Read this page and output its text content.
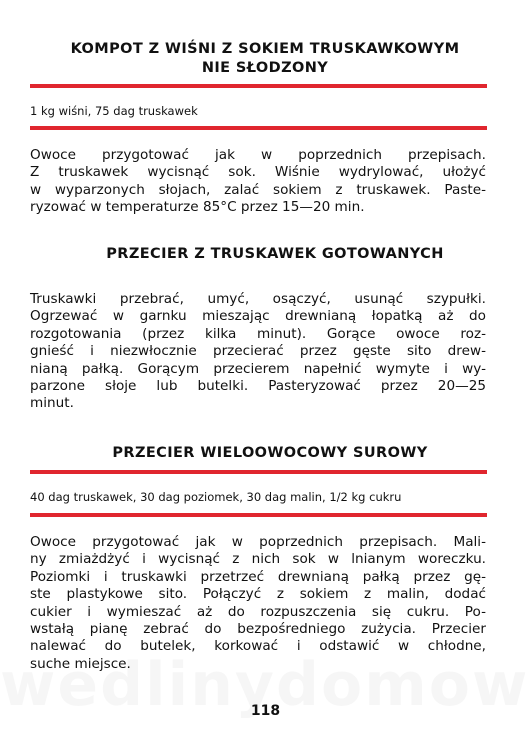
KOMPOT Z WIŚNI Z SOKIEM TRUSKAWKOWYM
NIE SŁODZONY
1 kg wiśni, 75 dag truskawek
Owoce przygotować jak w poprzednich przepisach.
Z truskawek wycisnąć sok. Wiśnie wydrylować, ułożyć
w wyparzonych słojach, zalać sokiem z truskawek. Paste-
ryzować w temperaturze 85°C przez 15—20 min.
PRZECIER Z TRUSKAWEK GOTOWANYCH
Truskawki przebrać, umyć, osączyć, usunąć szypułki.
Ogrzewać w garnku mieszając drewnianą łopatką aż do
rozgotowania (przez kilka minut). Gorące owoce roz-
gnieść i niezwłocznie przecierać przez gęste sito drew-
nianą pałką. Gorącym przecierem napełnić wymyte i wy-
parzone słoje lub butelki. Pasteryzować przez 20—25
minut.
PRZECIER WIELOOWOCOWY SUROWY
40 dag truskawek, 30 dag poziomek, 30 dag malin, 1/2 kg cukru
Owoce przygotować jak w poprzednich przepisach. Mali-
ny zmiażdżyć i wycisnąć z nich sok w lnianym woreczku.
Poziomki i truskawki przetrzeć drewnianą pałką przez gę-
ste plastykowe sito. Połączyć z sokiem z malin, dodać
cukier i wymieszać aż do rozpuszczenia się cukru. Po-
wstałą pianę zebrać do bezpośredniego zużycia. Przecier
nalewać do butelek, korkować i odstawić w chłodne,
suche miejsce.
118
